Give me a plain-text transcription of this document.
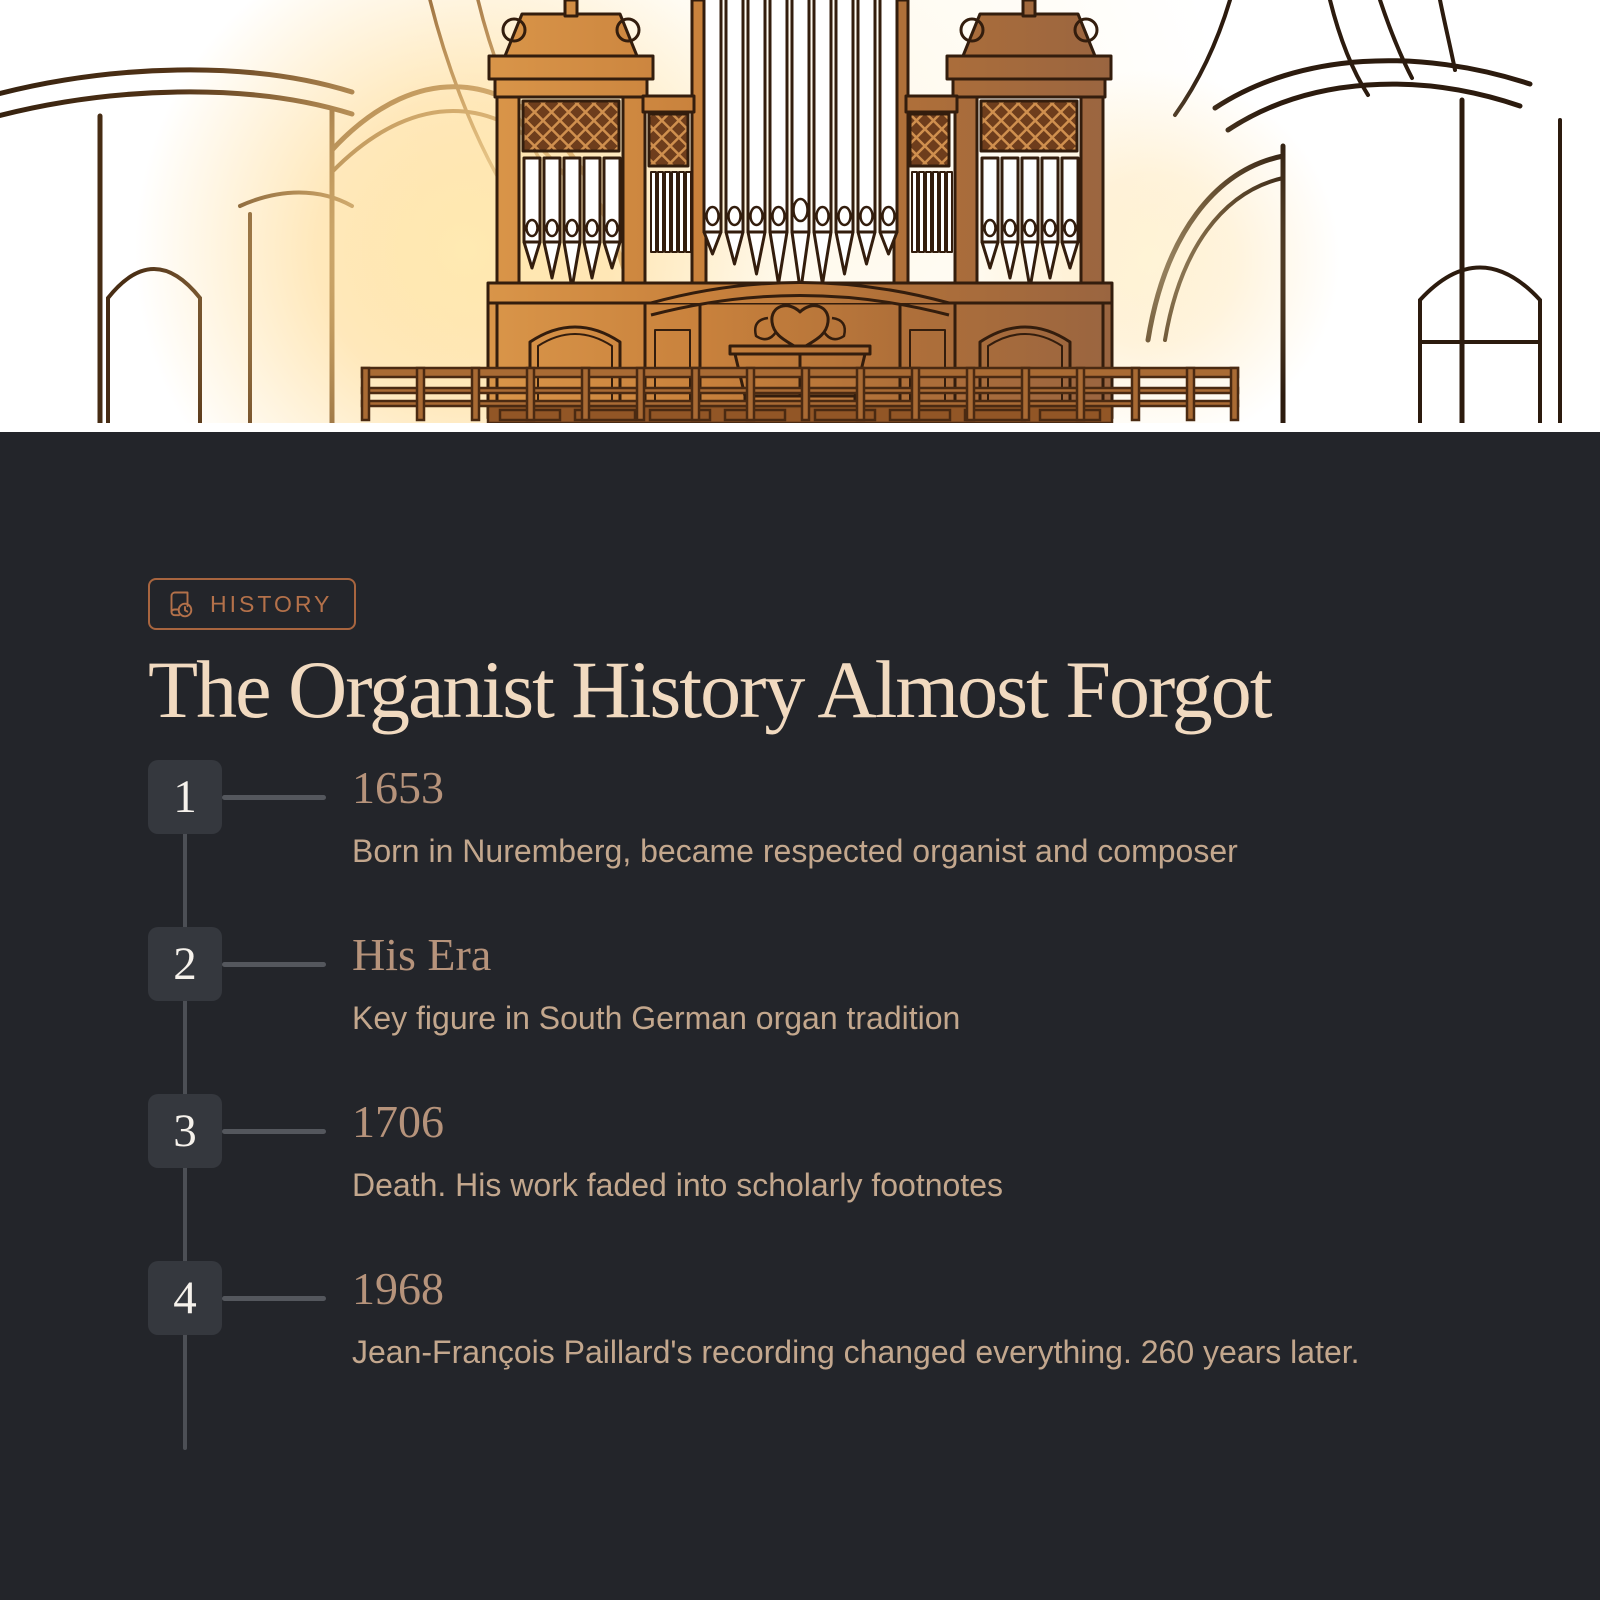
HISTORY
The Organist History Almost Forgot
1	1653
Born in Nuremberg, became respected organist and composer
2	His Era
Key figure in South German organ tradition
3	1706
Death. His work faded into scholarly footnotes
4	1968
Jean-François Paillard's recording changed everything. 260 years later.
